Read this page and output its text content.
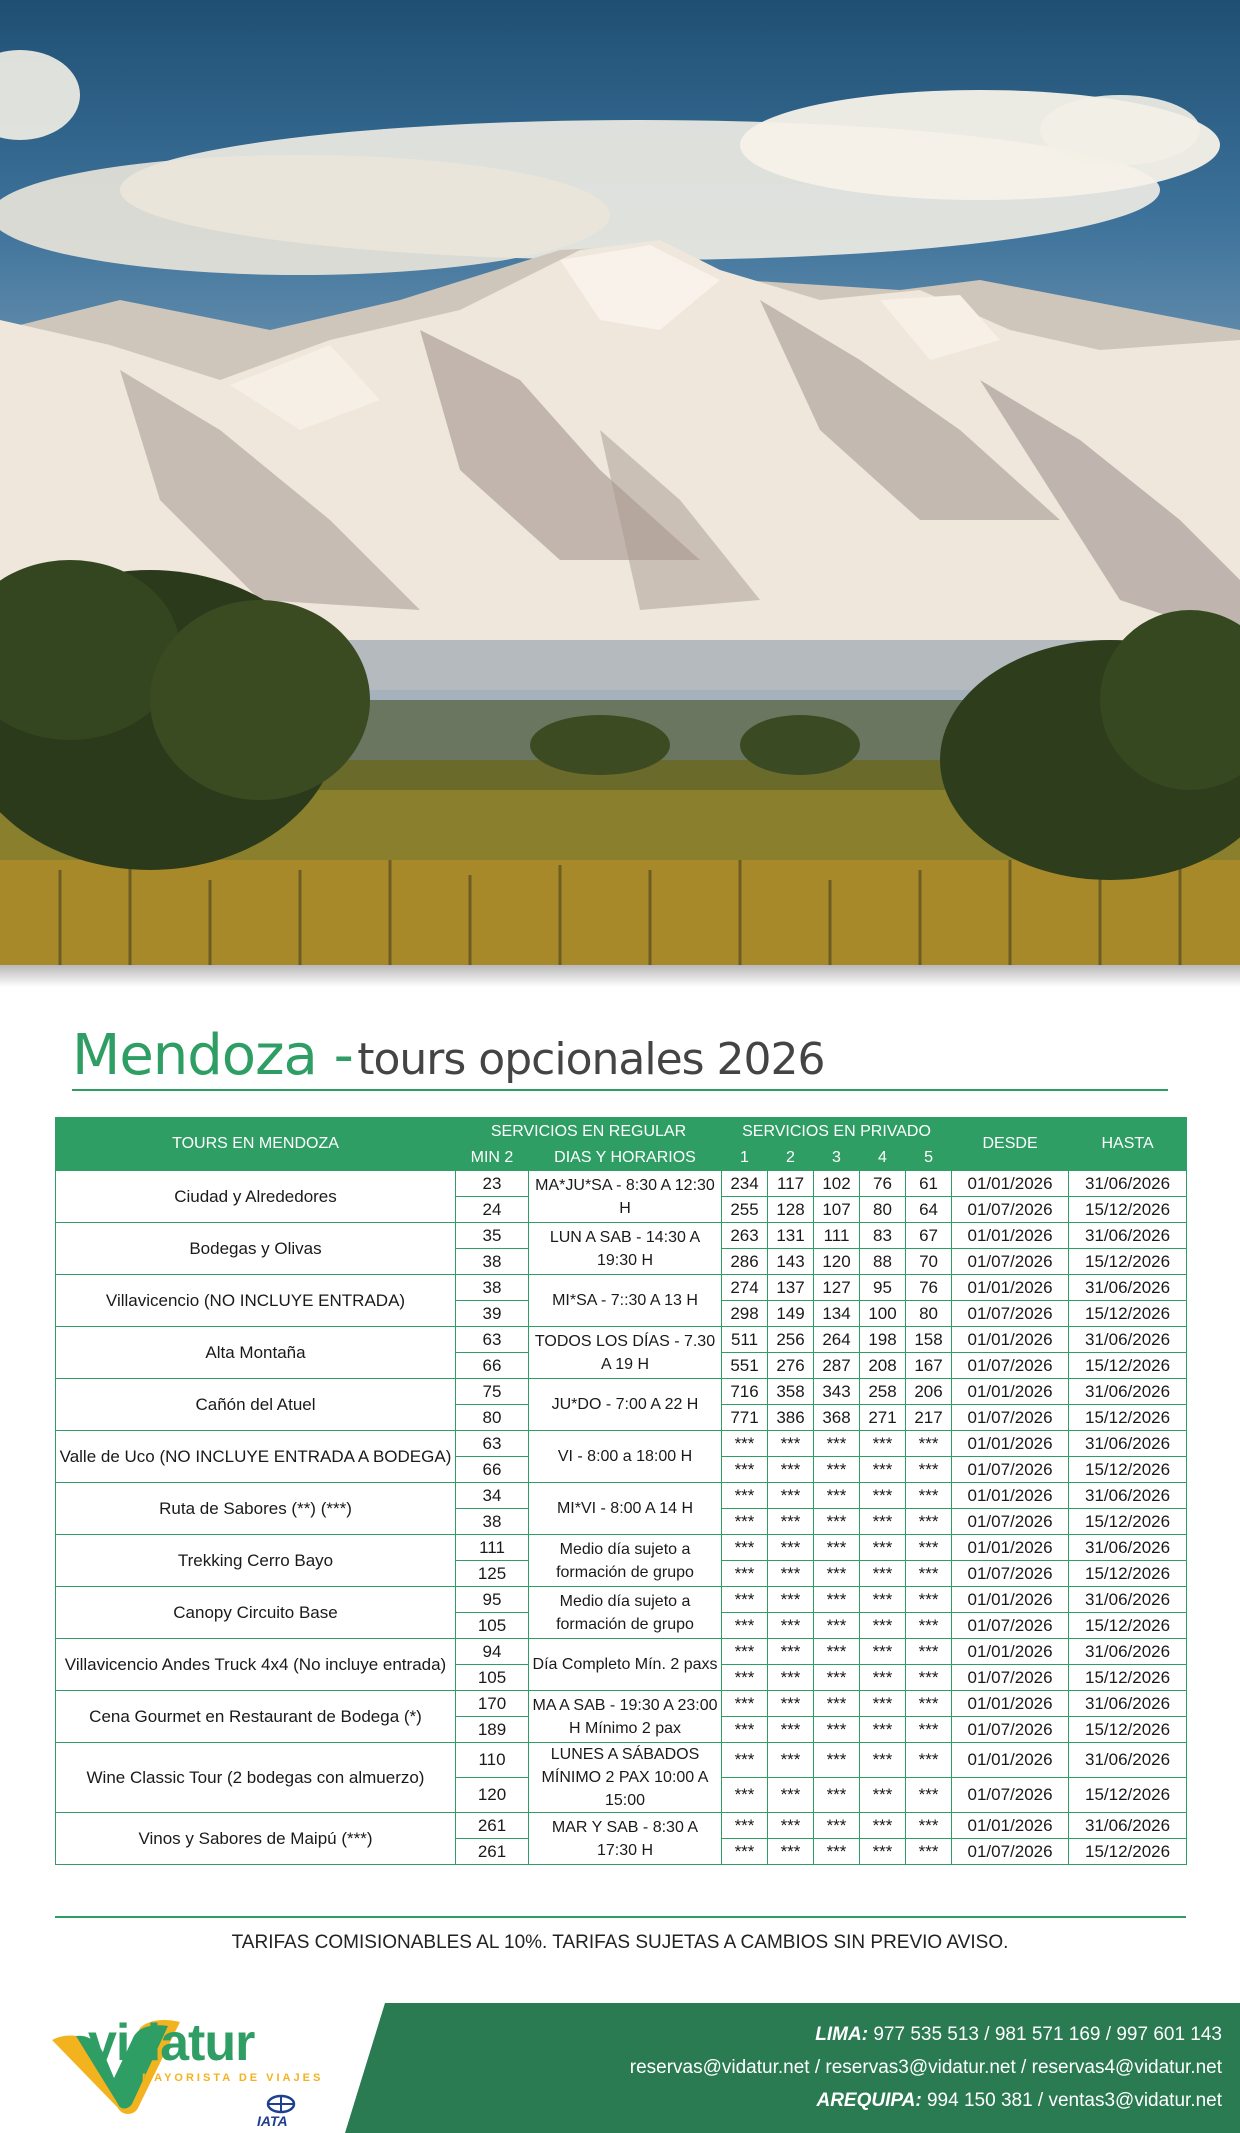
Mendoza - tours opcionales 2026
TOURS EN MENDOZA	SERVICIOS EN REGULAR		SERVICIOS EN PRIVADO					DESDE	HASTA
	MIN 2	DIAS Y HORARIOS	1	2	3	4	5		
Ciudad y Alrededores	23	MA*JU*SA - 8:30 A 12:30 H	234	117	102	76	61	01/01/2026	31/06/2026
	24		255	128	107	80	64	01/07/2026	15/12/2026
Bodegas y Olivas	35	LUN A SAB - 14:30 A 19:30 H	263	131	111	83	67	01/01/2026	31/06/2026
	38		286	143	120	88	70	01/07/2026	15/12/2026
Villavicencio (NO INCLUYE ENTRADA)	38	MI*SA - 7::30 A 13 H	274	137	127	95	76	01/01/2026	31/06/2026
	39		298	149	134	100	80	01/07/2026	15/12/2026
Alta Montaña	63	TODOS LOS DÍAS - 7.30 A 19 H	511	256	264	198	158	01/01/2026	31/06/2026
	66		551	276	287	208	167	01/07/2026	15/12/2026
Cañón del Atuel	75	JU*DO - 7:00 A 22 H	716	358	343	258	206	01/01/2026	31/06/2026
	80		771	386	368	271	217	01/07/2026	15/12/2026
Valle de Uco (NO INCLUYE ENTRADA A BODEGA)	63	VI - 8:00 a 18:00 H	***	***	***	***	***	01/01/2026	31/06/2026
	66		***	***	***	***	***	01/07/2026	15/12/2026
Ruta de Sabores (**) (***)	34	MI*VI - 8:00 A 14 H	***	***	***	***	***	01/01/2026	31/06/2026
	38		***	***	***	***	***	01/07/2026	15/12/2026
Trekking Cerro Bayo	111	Medio día sujeto a formación de grupo	***	***	***	***	***	01/01/2026	31/06/2026
	125		***	***	***	***	***	01/07/2026	15/12/2026
Canopy Circuito Base	95	Medio día sujeto a formación de grupo	***	***	***	***	***	01/01/2026	31/06/2026
	105		***	***	***	***	***	01/07/2026	15/12/2026
Villavicencio Andes Truck 4x4 (No incluye entrada)	94	Día Completo Mín. 2 paxs	***	***	***	***	***	01/01/2026	31/06/2026
	105		***	***	***	***	***	01/07/2026	15/12/2026
Cena Gourmet en Restaurant de Bodega (*)	170	MA A SAB - 19:30 A 23:00 H Mínimo 2 pax	***	***	***	***	***	01/01/2026	31/06/2026
	189		***	***	***	***	***	01/07/2026	15/12/2026
Wine Classic Tour (2 bodegas con almuerzo)	110	LUNES A SÁBADOS MÍNIMO 2 PAX 10:00 A 15:00	***	***	***	***	***	01/01/2026	31/06/2026
	120		***	***	***	***	***	01/07/2026	15/12/2026
Vinos y Sabores de Maipú (***)	261	MAR Y SAB - 8:30 A 17:30 H	***	***	***	***	***	01/01/2026	31/06/2026
	261		***	***	***	***	***	01/07/2026	15/12/2026
TARIFAS COMISIONABLES AL 10%. TARIFAS SUJETAS A CAMBIOS SIN PREVIO AVISO.
vidatur
MAYORISTA DE VIAJES
IATA
LIMA: 977 535 513 / 981 571 169 / 997 601 143
reservas@vidatur.net / reservas3@vidatur.net / reservas4@vidatur.net
AREQUIPA: 994 150 381 / ventas3@vidatur.net
